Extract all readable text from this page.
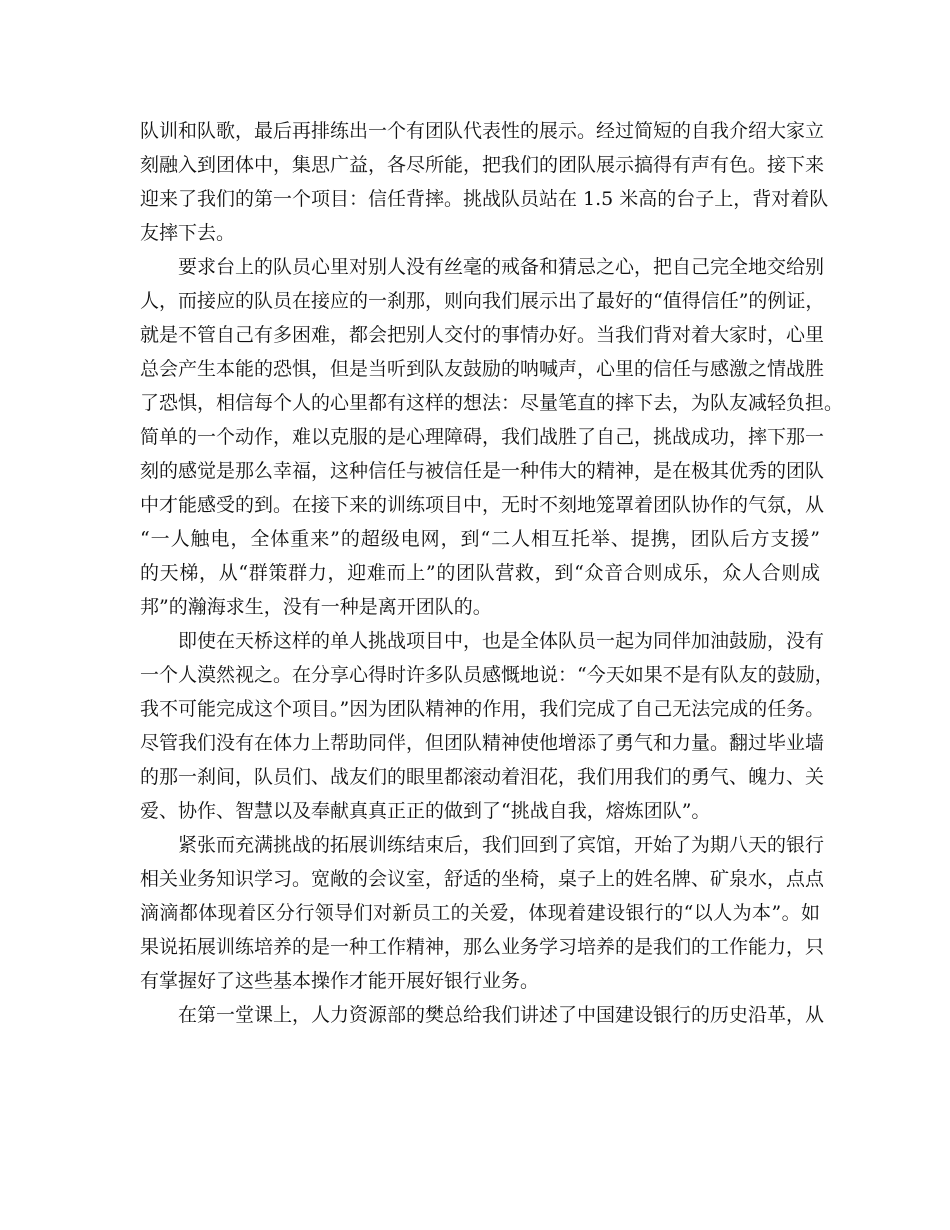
队训和队歌，最后再排练出一个有团队代表性的展示。经过简短的自我介绍大家立
刻融入到团体中，集思广益，各尽所能，把我们的团队展示搞得有声有色。接下来
迎来了我们的第一个项目：信任背摔。挑战队员站在 1.5 米高的台子上，背对着队
友摔下去。
要求台上的队员心里对别人没有丝毫的戒备和猜忌之心，把自己完全地交给别
人，而接应的队员在接应的一刹那，则向我们展示出了最好的“值得信任”的例证，
就是不管自己有多困难，都会把别人交付的事情办好。当我们背对着大家时，心里
总会产生本能的恐惧，但是当听到队友鼓励的呐喊声，心里的信任与感激之情战胜
了恐惧，相信每个人的心里都有这样的想法：尽量笔直的摔下去，为队友减轻负担。
简单的一个动作，难以克服的是心理障碍，我们战胜了自己，挑战成功，摔下那一
刻的感觉是那么幸福，这种信任与被信任是一种伟大的精神，是在极其优秀的团队
中才能感受的到。在接下来的训练项目中，无时不刻地笼罩着团队协作的气氛，从
“一人触电，全体重来”的超级电网，到“二人相互托举、提携，团队后方支援”
的天梯，从“群策群力，迎难而上”的团队营救，到“众音合则成乐，众人合则成
邦”的瀚海求生，没有一种是离开团队的。
即使在天桥这样的单人挑战项目中，也是全体队员一起为同伴加油鼓励，没有
一个人漠然视之。在分享心得时许多队员感慨地说：“今天如果不是有队友的鼓励，
我不可能完成这个项目。”因为团队精神的作用，我们完成了自己无法完成的任务。
尽管我们没有在体力上帮助同伴，但团队精神使他增添了勇气和力量。翻过毕业墙
的那一刹间，队员们、战友们的眼里都滚动着泪花，我们用我们的勇气、魄力、关
爱、协作、智慧以及奉献真真正正的做到了“挑战自我，熔炼团队”。
紧张而充满挑战的拓展训练结束后，我们回到了宾馆，开始了为期八天的银行
相关业务知识学习。宽敞的会议室，舒适的坐椅，桌子上的姓名牌、矿泉水，点点
滴滴都体现着区分行领导们对新员工的关爱，体现着建设银行的“以人为本”。如
果说拓展训练培养的是一种工作精神，那么业务学习培养的是我们的工作能力，只
有掌握好了这些基本操作才能开展好银行业务。
在第一堂课上，人力资源部的樊总给我们讲述了中国建设银行的历史沿革，从
